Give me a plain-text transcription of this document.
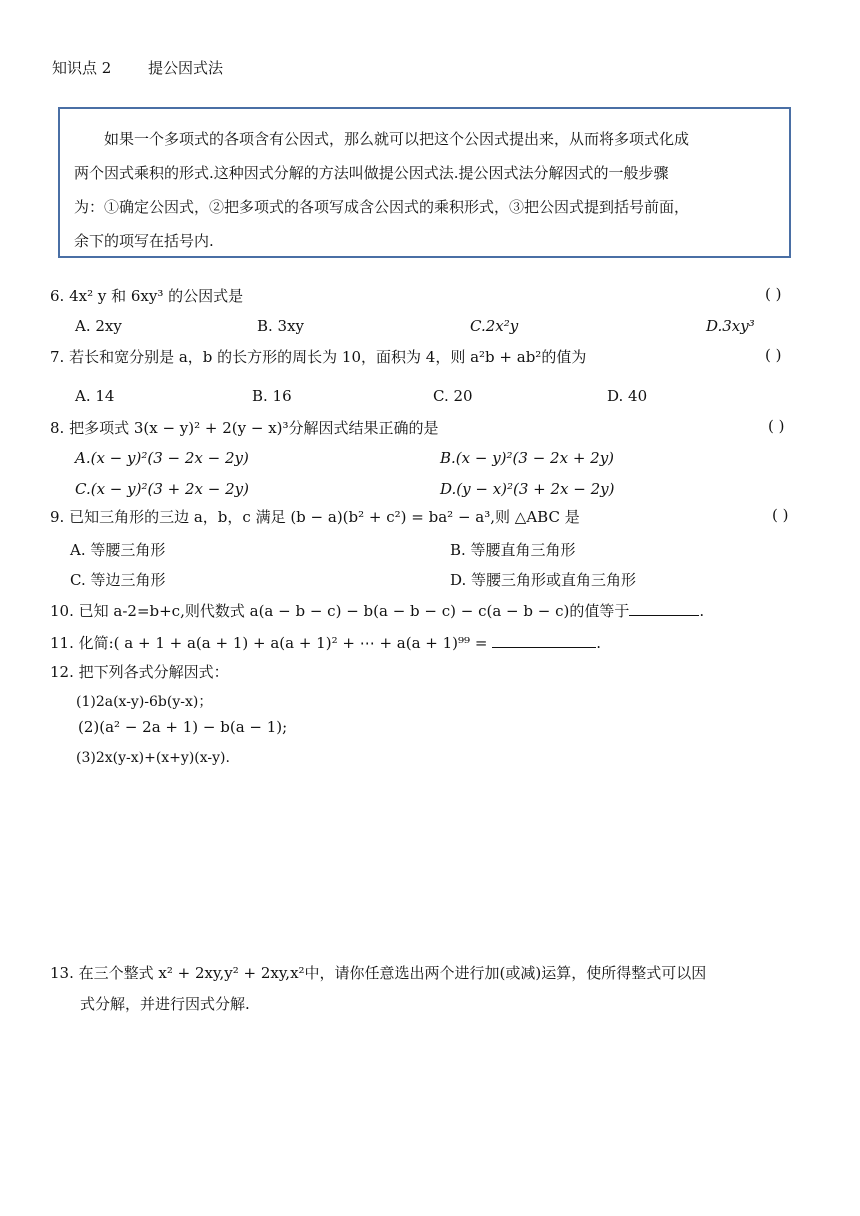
知识点 2 提公因式法
如果一个多项式的各项含有公因式，那么就可以把这个公因式提出来，从而将多项式化成
两个因式乘积的形式.这种因式分解的方法叫做提公因式法.提公因式法分解因式的一般步骤
为：①确定公因式，②把多项式的各项写成含公因式的乘积形式，③把公因式提到括号前面，
余下的项写在括号内.
6. 4x² y 和 6xy³ 的公因式是	( )
A. 2xy	B. 3xy	C.2x²y	D.3xy³
7. 若长和宽分别是 a，b 的长方形的周长为 10，面积为 4，则 a²b + ab²的值为	( )
A. 14	B. 16	C. 20	D. 40
8. 把多项式 3(x − y)² + 2(y − x)³分解因式结果正确的是	( )
A.(x − y)²(3 − 2x − 2y)	B.(x − y)²(3 − 2x + 2y)
C.(x − y)²(3 + 2x − 2y)	D.(y − x)²(3 + 2x − 2y)
9. 已知三角形的三边 a，b，c 满足 (b − a)(b² + c²) = ba² − a³,则 △ABC 是	( )
A. 等腰三角形	B. 等腰直角三角形
C. 等边三角形	D. 等腰三角形或直角三角形
10. 已知 a-2=b+c,则代数式 a(a − b − c) − b(a − b − c) − c(a − b − c)的值等于	.
11. 化简:( a + 1 + a(a + 1) + a(a + 1)² + ⋯ + a(a + 1)⁹⁹ =	.
12. 把下列各式分解因式：
(1)2a(x-y)-6b(y-x)；
(2)(a² − 2a + 1) − b(a − 1);
(3)2x(y-x)+(x+y)(x-y).
13. 在三个整式 x² + 2xy,y² + 2xy,x²中，请你任意选出两个进行加(或减)运算，使所得整式可以因
式分解，并进行因式分解.
